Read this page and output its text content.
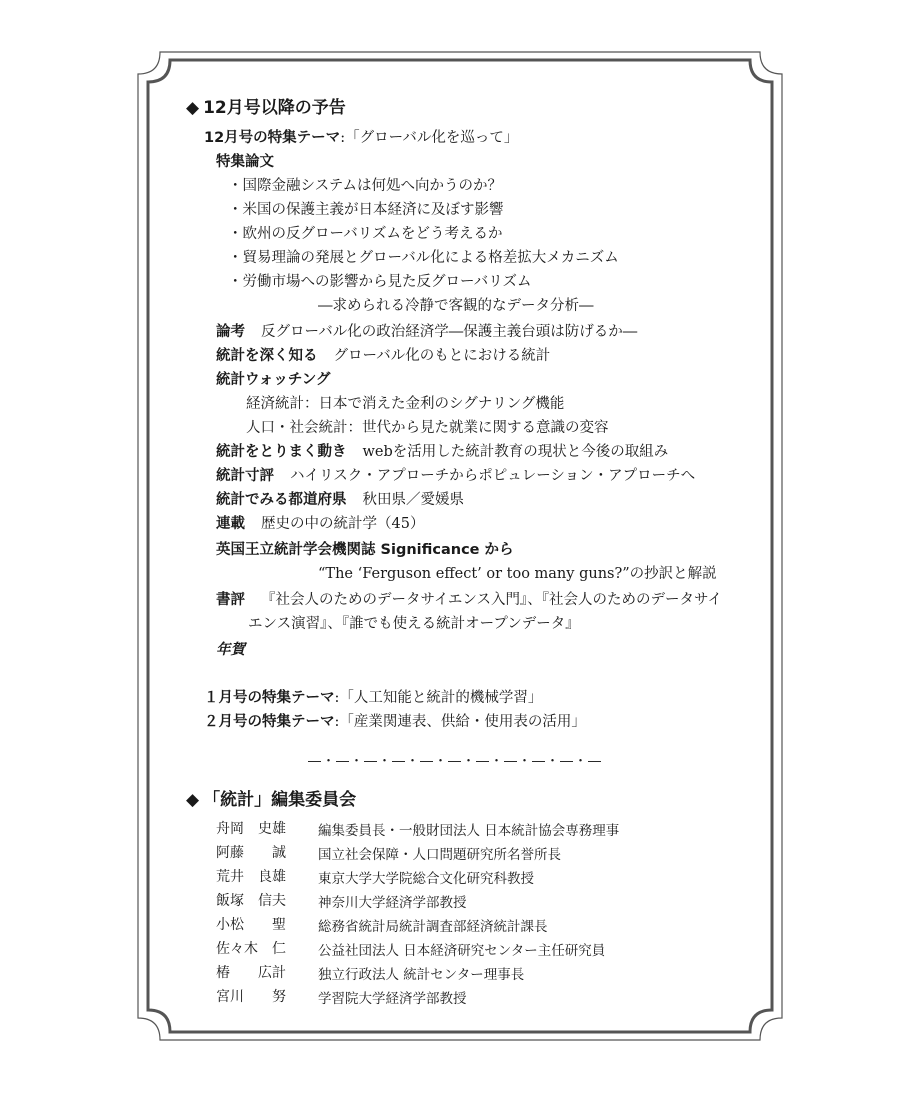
◆ 12月号以降の予告
12月号の特集テーマ:「グローバル化を巡って」
特集論文
・国際金融システムは何処へ向かうのか？
・米国の保護主義が日本経済に及ぼす影響
・欧州の反グローバリズムをどう考えるか
・貿易理論の発展とグローバル化による格差拡大メカニズム
・労働市場への影響から見た反グローバリズム
―求められる冷静で客観的なデータ分析―
論考 反グローバル化の政治経済学―保護主義台頭は防げるか―
統計を深く知る グローバル化のもとにおける統計
統計ウォッチング
経済統計：日本で消えた金利のシグナリング機能
人口・社会統計：世代から見た就業に関する意識の変容
統計をとりまく動き webを活用した統計教育の現状と今後の取組み
統計寸評 ハイリスク・アプローチからポピュレーション・アプローチへ
統計でみる都道府県 秋田県／愛媛県
連載 歴史の中の統計学（45）
英国王立統計学会機関誌 Significance から
“The ‘Ferguson effect’ or too many guns?”の抄訳と解説
書評 『社会人のためのデータサイエンス入門』、『社会人のためのデータサイ
エンス演習』、『誰でも使える統計オープンデータ』
年賀
１月号の特集テーマ:「人工知能と統計的機械学習」
２月号の特集テーマ:「産業関連表、供給・使用表の活用」
―・―・―・―・―・―・―・―・―・―・―
◆ 「統計」編集委員会
舟岡　史雄	編集委員長・一般財団法人 日本統計協会専務理事
阿藤　　誠	国立社会保障・人口問題研究所名誉所長
荒井　良雄	東京大学大学院総合文化研究科教授
飯塚　信夫	神奈川大学経済学部教授
小松　　聖	総務省統計局統計調査部経済統計課長
佐々木　仁	公益社団法人 日本経済研究センター主任研究員
椿　　広計	独立行政法人 統計センター理事長
宮川　　努	学習院大学経済学部教授
